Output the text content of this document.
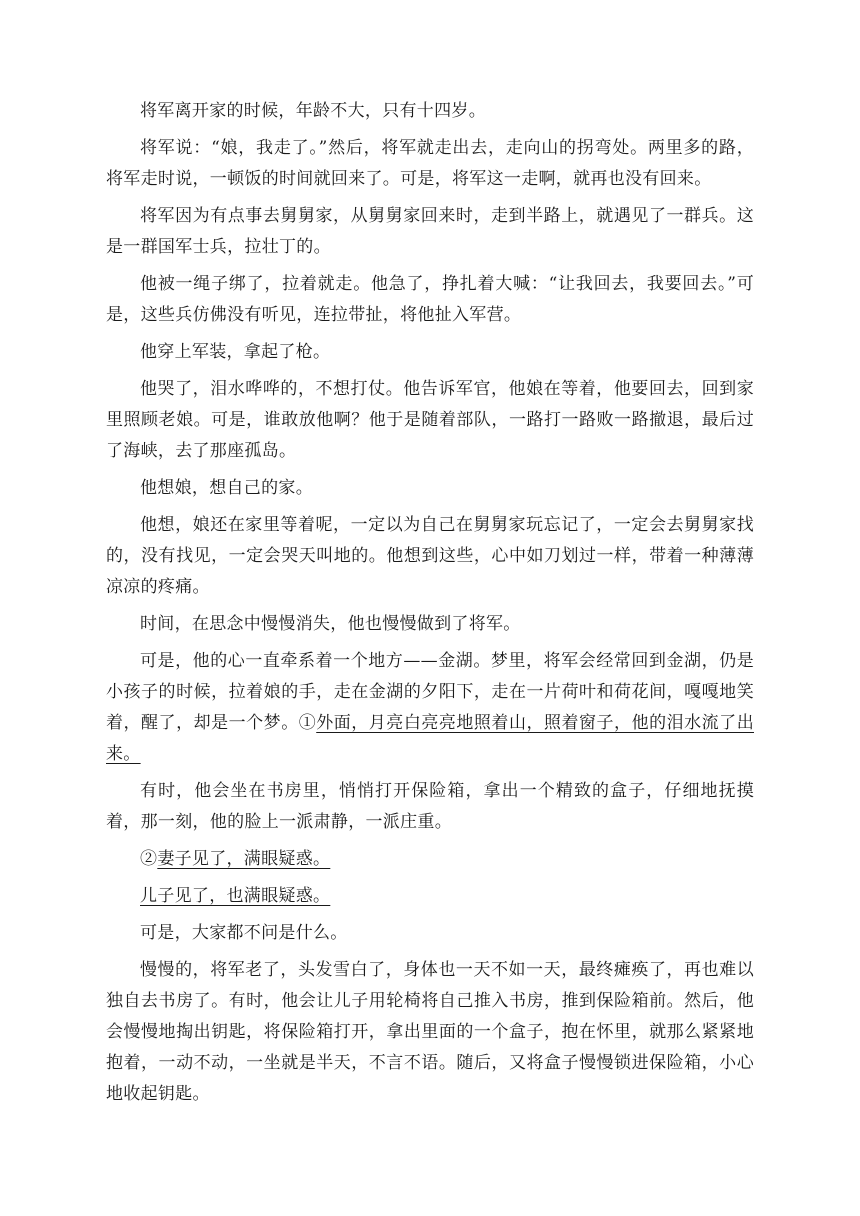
将军离开家的时候，年龄不大，只有十四岁。

将军说：“娘，我走了。”然后，将军就走出去，走向山的拐弯处。两里多的路，将军走时说，一顿饭的时间就回来了。可是，将军这一走啊，就再也没有回来。

将军因为有点事去舅舅家，从舅舅家回来时，走到半路上，就遇见了一群兵。这是一群国军士兵，拉壮丁的。

他被一绳子绑了，拉着就走。他急了，挣扎着大喊：“让我回去，我要回去。”可是，这些兵仿佛没有听见，连拉带扯，将他扯入军营。

他穿上军装，拿起了枪。

他哭了，泪水哗哗的，不想打仗。他告诉军官，他娘在等着，他要回去，回到家里照顾老娘。可是，谁敢放他啊？他于是随着部队，一路打一路败一路撤退，最后过了海峡，去了那座孤岛。

他想娘，想自己的家。

他想，娘还在家里等着呢，一定以为自己在舅舅家玩忘记了，一定会去舅舅家找的，没有找见，一定会哭天叫地的。他想到这些，心中如刀划过一样，带着一种薄薄凉凉的疼痛。

时间，在思念中慢慢消失，他也慢慢做到了将军。

可是，他的心一直牵系着一个地方——金湖。梦里，将军会经常回到金湖，仍是小孩子的时候，拉着娘的手，走在金湖的夕阳下，走在一片荷叶和荷花间，嘎嘎地笑着，醒了，却是一个梦。①外面，月亮白亮亮地照着山，照着窗子，他的泪水流了出来。

有时，他会坐在书房里，悄悄打开保险箱，拿出一个精致的盒子，仔细地抚摸着，那一刻，他的脸上一派肃静，一派庄重。

②妻子见了，满眼疑惑。

儿子见了，也满眼疑惑。

可是，大家都不问是什么。

慢慢的，将军老了，头发雪白了，身体也一天不如一天，最终瘫痪了，再也难以独自去书房了。有时，他会让儿子用轮椅将自己推入书房，推到保险箱前。然后，他会慢慢地掏出钥匙，将保险箱打开，拿出里面的一个盒子，抱在怀里，就那么紧紧地抱着，一动不动，一坐就是半天，不言不语。随后，又将盒子慢慢锁进保险箱，小心地收起钥匙。
